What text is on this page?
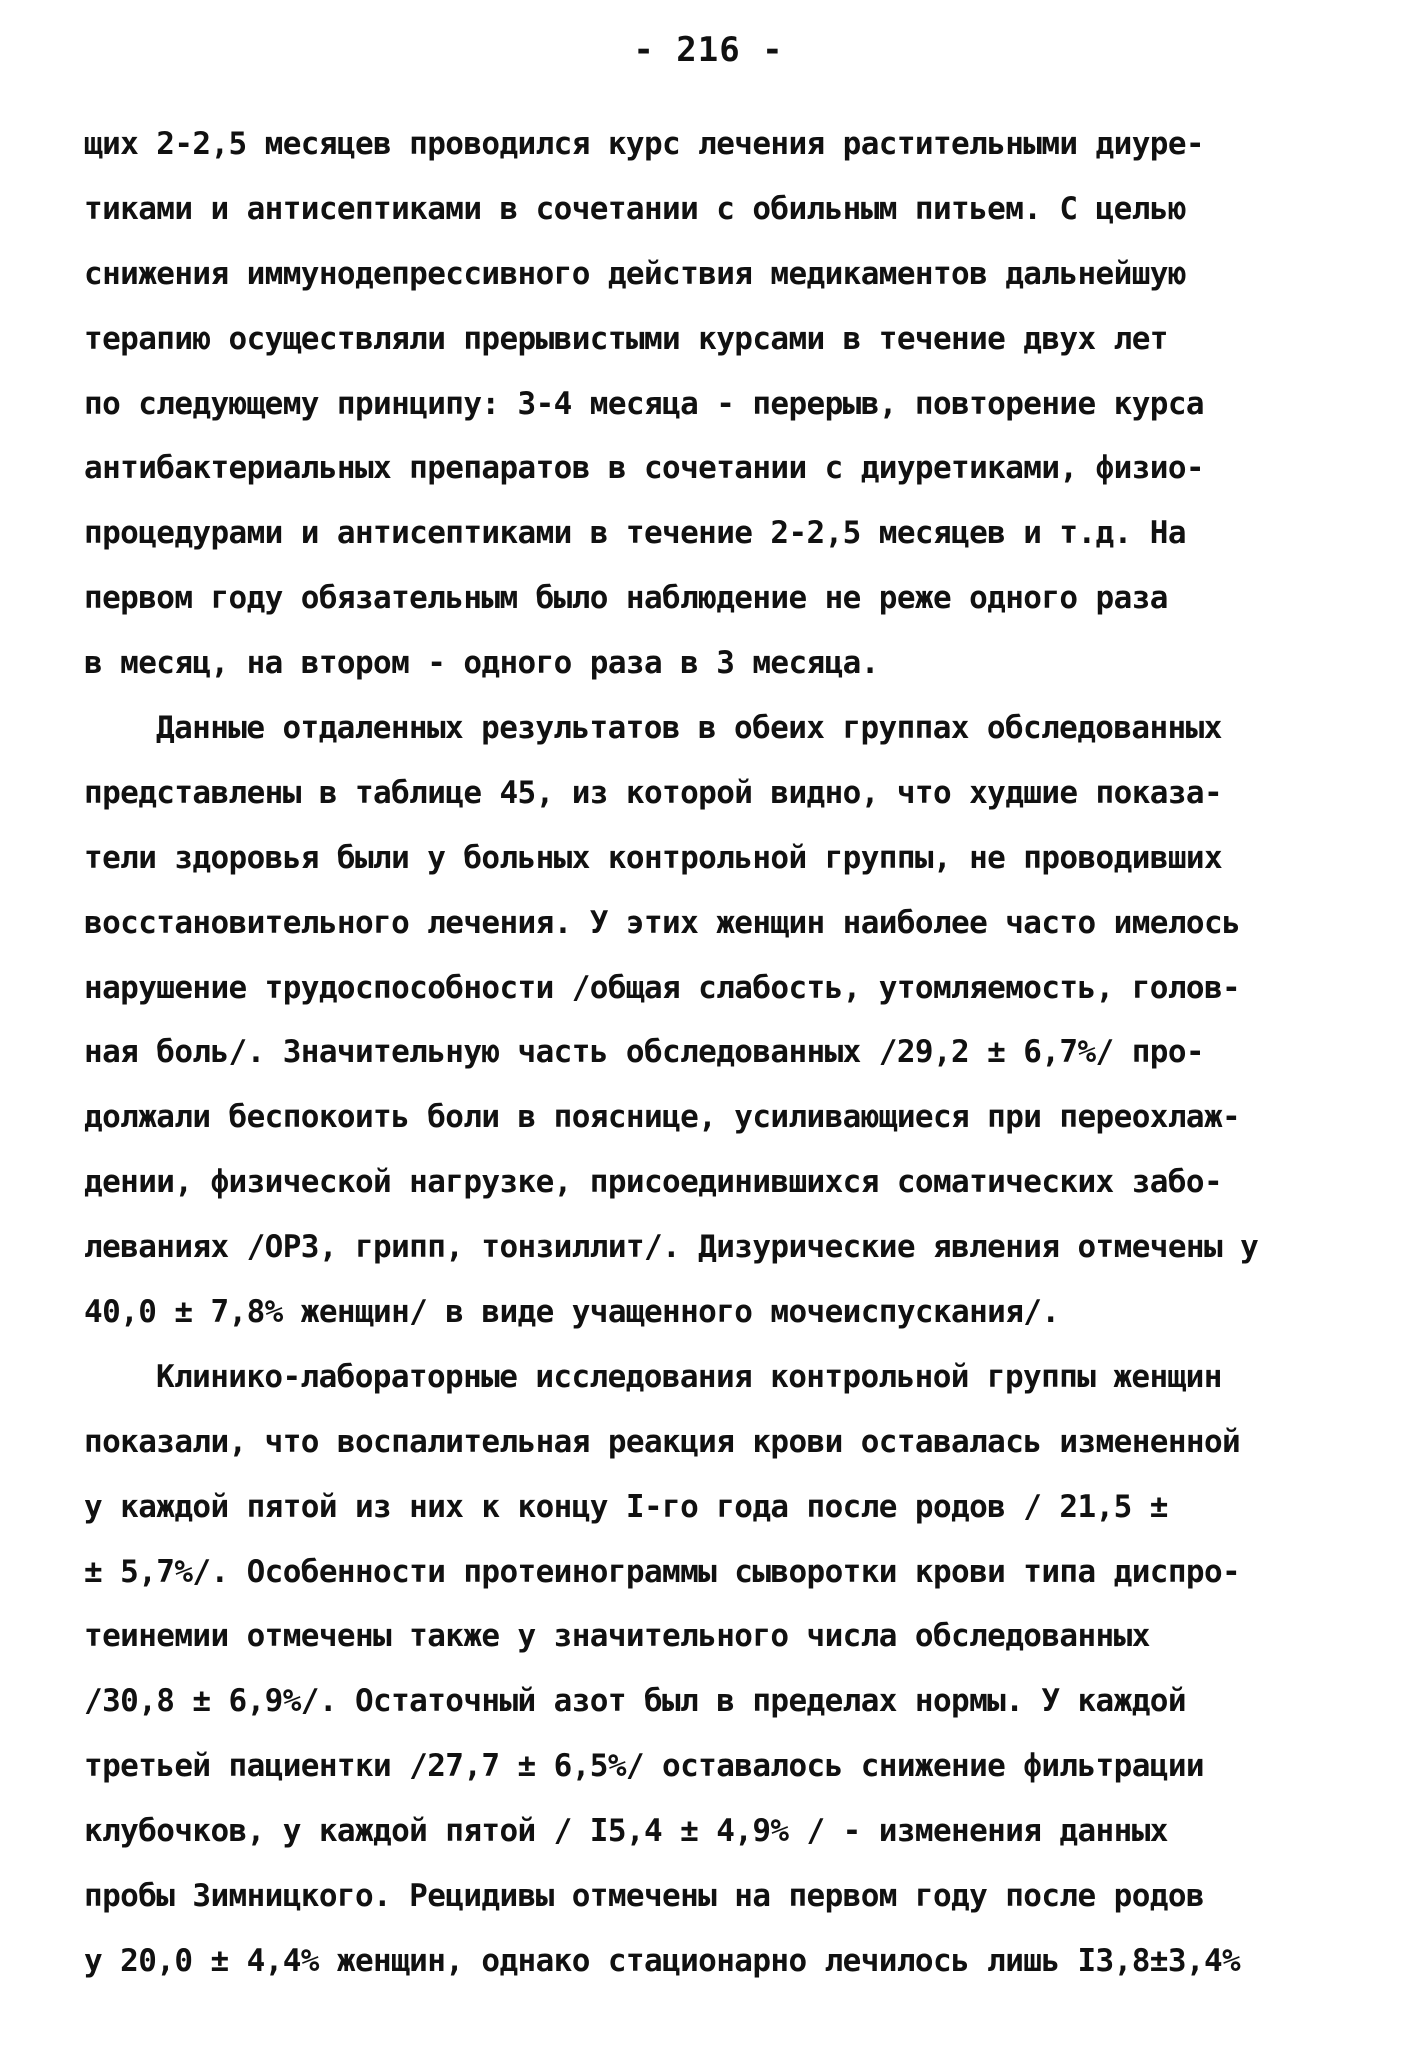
- 216 -
щих 2-2,5 месяцев проводился курс лечения растительными диуре-
тиками и антисептиками в сочетании с обильным питьем. С целью
снижения иммунодепрессивного действия медикаментов дальнейшую
терапию осуществляли прерывистыми курсами в течение двух лет
по следующему принципу: 3-4 месяца - перерыв, повторение курса
антибактериальных препаратов в сочетании с диуретиками, физио-
процедурами и антисептиками в течение 2-2,5 месяцев и т.д. На
первом году обязательным было наблюдение не реже одного раза
в месяц, на втором - одного раза в 3 месяца.
Данные отдаленных результатов в обеих группах обследованных
представлены в таблице 45, из которой видно, что худшие показа-
тели здоровья были у больных контрольной группы, не проводивших
восстановительного лечения. У этих женщин наиболее часто имелось
нарушение трудоспособности /общая слабость, утомляемость, голов-
ная боль/. Значительную часть обследованных /29,2 ± 6,7%/ про-
должали беспокоить боли в пояснице, усиливающиеся при переохлаж-
дении, физической нагрузке, присоединившихся соматических забо-
леваниях /ОРЗ, грипп, тонзиллит/. Дизурические явления отмечены у
40,0 ± 7,8% женщин/ в виде учащенного мочеиспускания/.
Клинико-лабораторные исследования контрольной группы женщин
показали, что воспалительная реакция крови оставалась измененной
у каждой пятой из них к концу I-го года после родов / 21,5 ±
± 5,7%/. Особенности протеинограммы сыворотки крови типа диспро-
теинемии отмечены также у значительного числа обследованных
/30,8 ± 6,9%/. Остаточный азот был в пределах нормы. У каждой
третьей пациентки /27,7 ± 6,5%/ оставалось снижение фильтрации
клубочков, у каждой пятой / I5,4 ± 4,9% / - изменения данных
пробы Зимницкого. Рецидивы отмечены на первом году после родов
у 20,0 ± 4,4% женщин, однако стационарно лечилось лишь I3,8±3,4%
